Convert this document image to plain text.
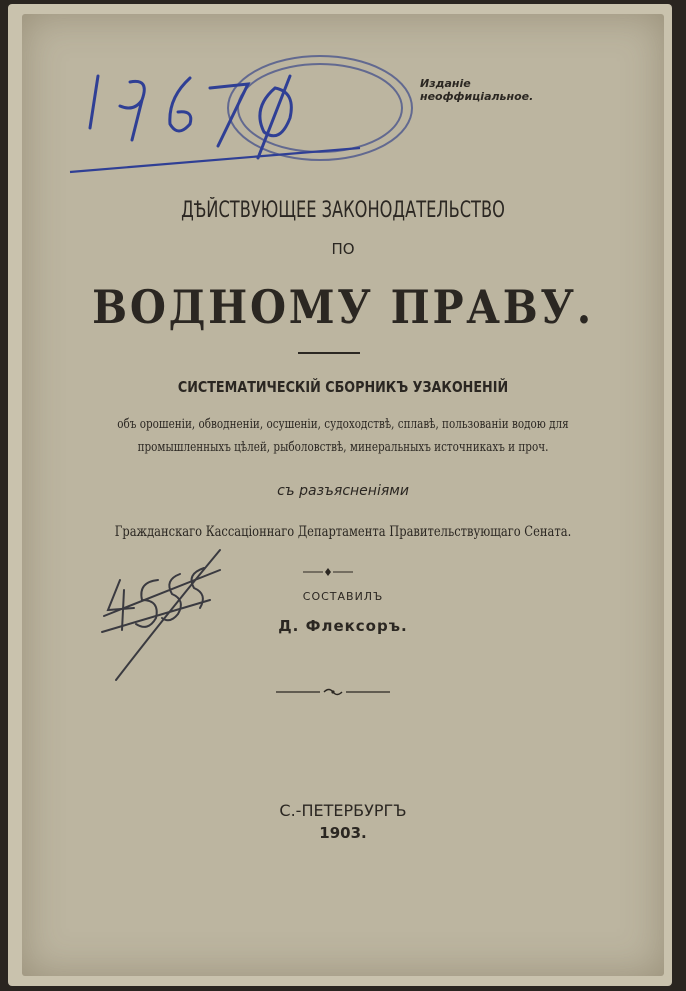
Изданіе неоффиціальное.
ДѢЙСТВУЮЩЕЕ ЗАКОНОДАТЕЛЬСТВО
ПО
ВОДНОМУ ПРАВУ.
СИСТЕМАТИЧЕСКІЙ СБОРНИКЪ УЗАКОНЕНІЙ
объ орошеніи, обводненіи, осушеніи, судоходствѣ, сплавѣ, пользованіи водою для
промышленныхъ цѣлей, рыболовствѣ, минеральныхъ источникахъ и проч.
съ разъясненіями
Гражданскаго Кассаціоннаго Департамента Правительствующаго Сената.
СОСТАВИЛЪ
Д. Флексоръ.
С.-ПЕТЕРБУРГЪ
1903.
